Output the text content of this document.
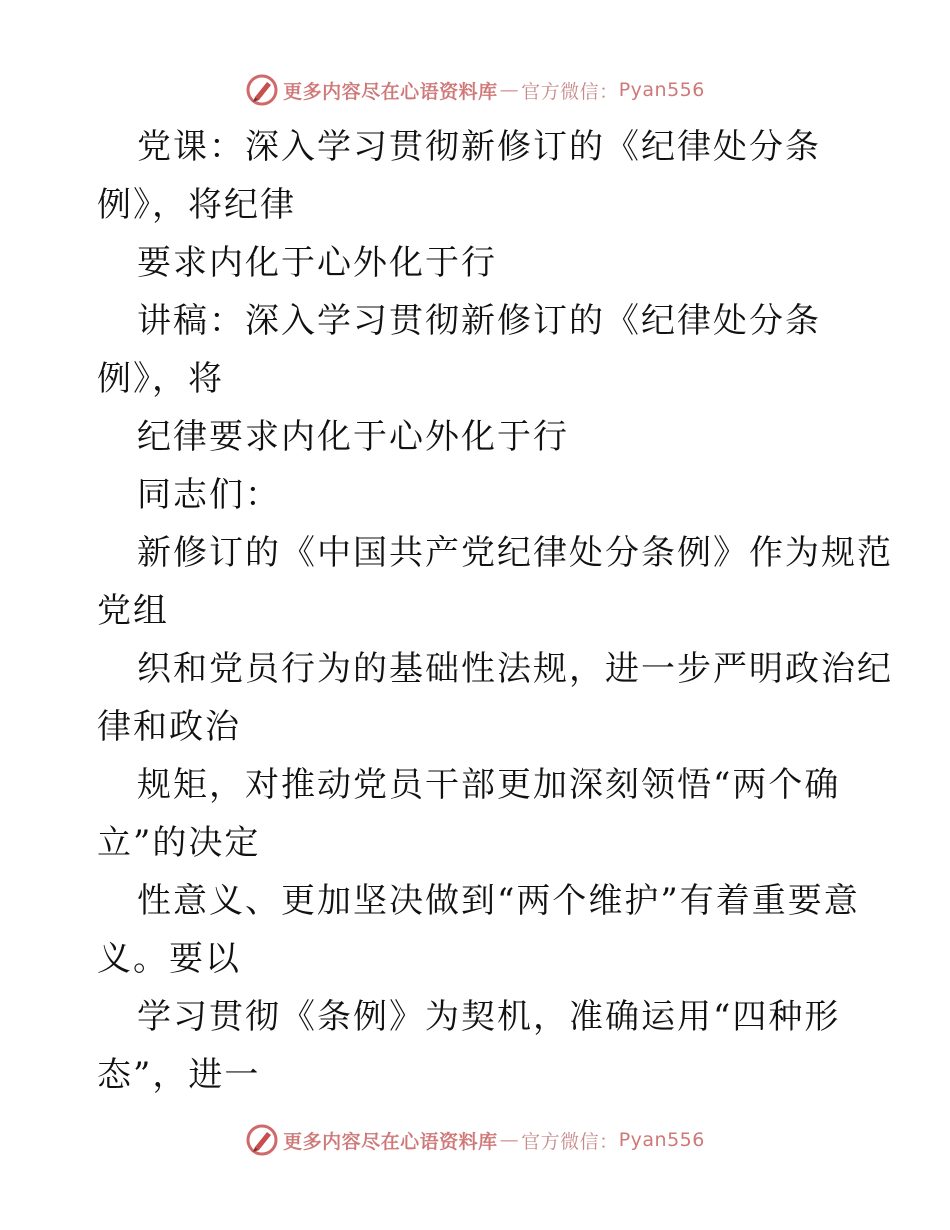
更多内容尽在心语资料库 — 官方微信： Pyan556
党课：深入学习贯彻新修订的《纪律处分条
例》，将纪律
要求内化于心外化于行
讲稿：深入学习贯彻新修订的《纪律处分条
例》，将
纪律要求内化于心外化于行
同志们：
新修订的《中国共产党纪律处分条例》作为规范
党组
织和党员行为的基础性法规，进一步严明政治纪
律和政治
规矩，对推动党员干部更加深刻领悟“两个确
立”的决定
性意义、更加坚决做到“两个维护”有着重要意
义。要以
学习贯彻《条例》为契机，准确运用“四种形
态”，进一
更多内容尽在心语资料库 — 官方微信： Pyan556
